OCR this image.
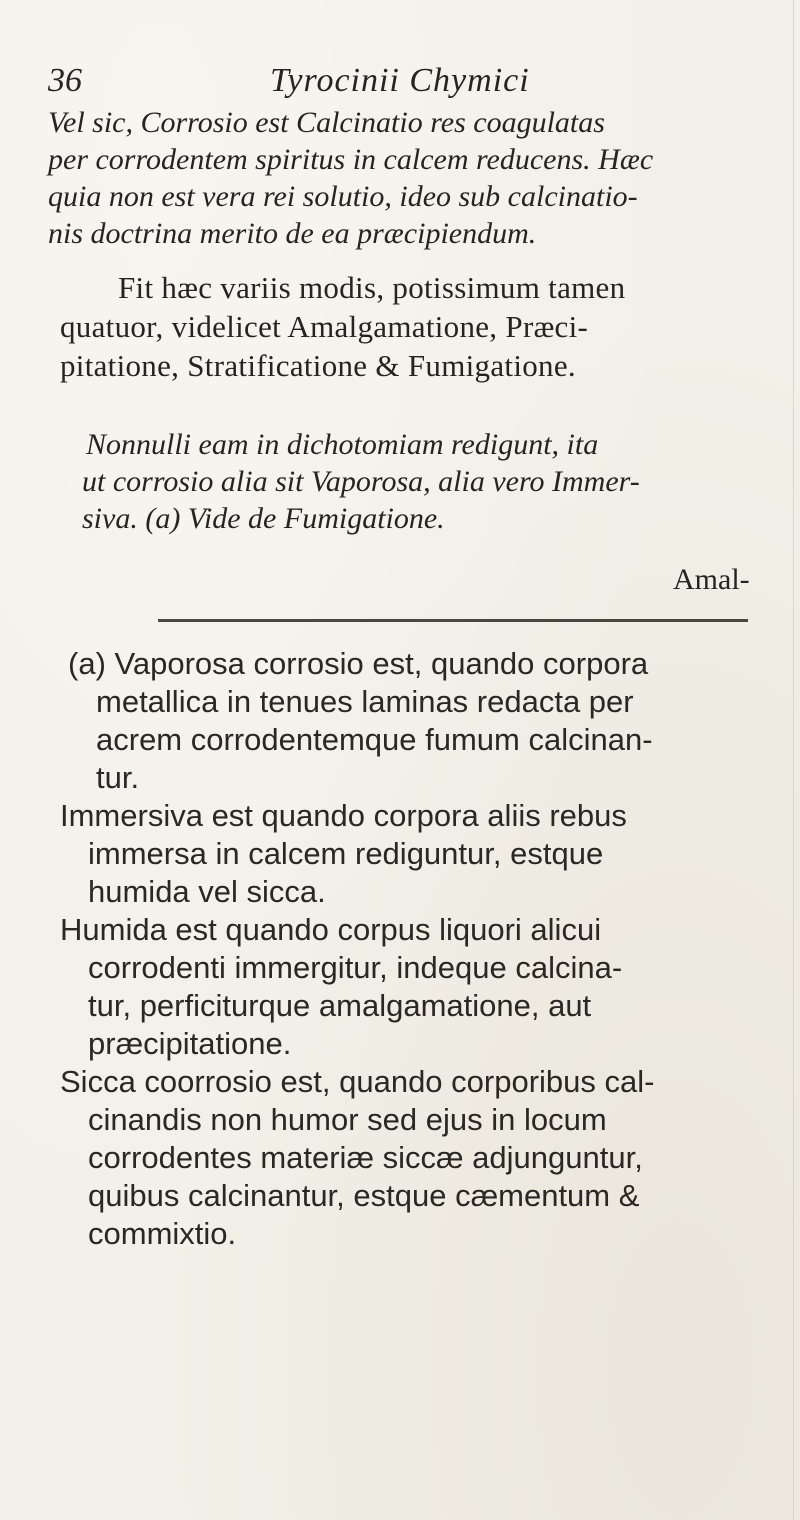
36	Tyrocinii Chymici
Vel sic, Corrosio est Calcinatio res coagulatas
per corrodentem spiritus in calcem reducens. Hæc
quia non est vera rei solutio, ideo sub calcinatio-
nis doctrina merito de ea præcipiendum.
Fit hæc variis modis, potissimum tamen
quatuor, videlicet Amalgamatione, Præci-
pitatione, Stratificatione & Fumigatione.
Nonnulli eam in dichotomiam redigunt, ita
ut corrosio alia sit Vaporosa, alia vero Immer-
siva. (a) Vide de Fumigatione.
Amal-
(a) Vaporosa corrosio est, quando corpora
metallica in tenues laminas redacta per
acrem corrodentemque fumum calcinan-
tur.
Immersiva est quando corpora aliis rebus
immersa in calcem rediguntur, estque
humida vel sicca.
Humida est quando corpus liquori alicui
corrodenti immergitur, indeque calcina-
tur, perficiturque amalgamatione, aut
præcipitatione.
Sicca coorrosio est, quando corporibus cal-
cinandis non humor sed ejus in locum
corrodentes materiæ siccæ adjunguntur,
quibus calcinantur, estque cæmentum &
commixtio.
